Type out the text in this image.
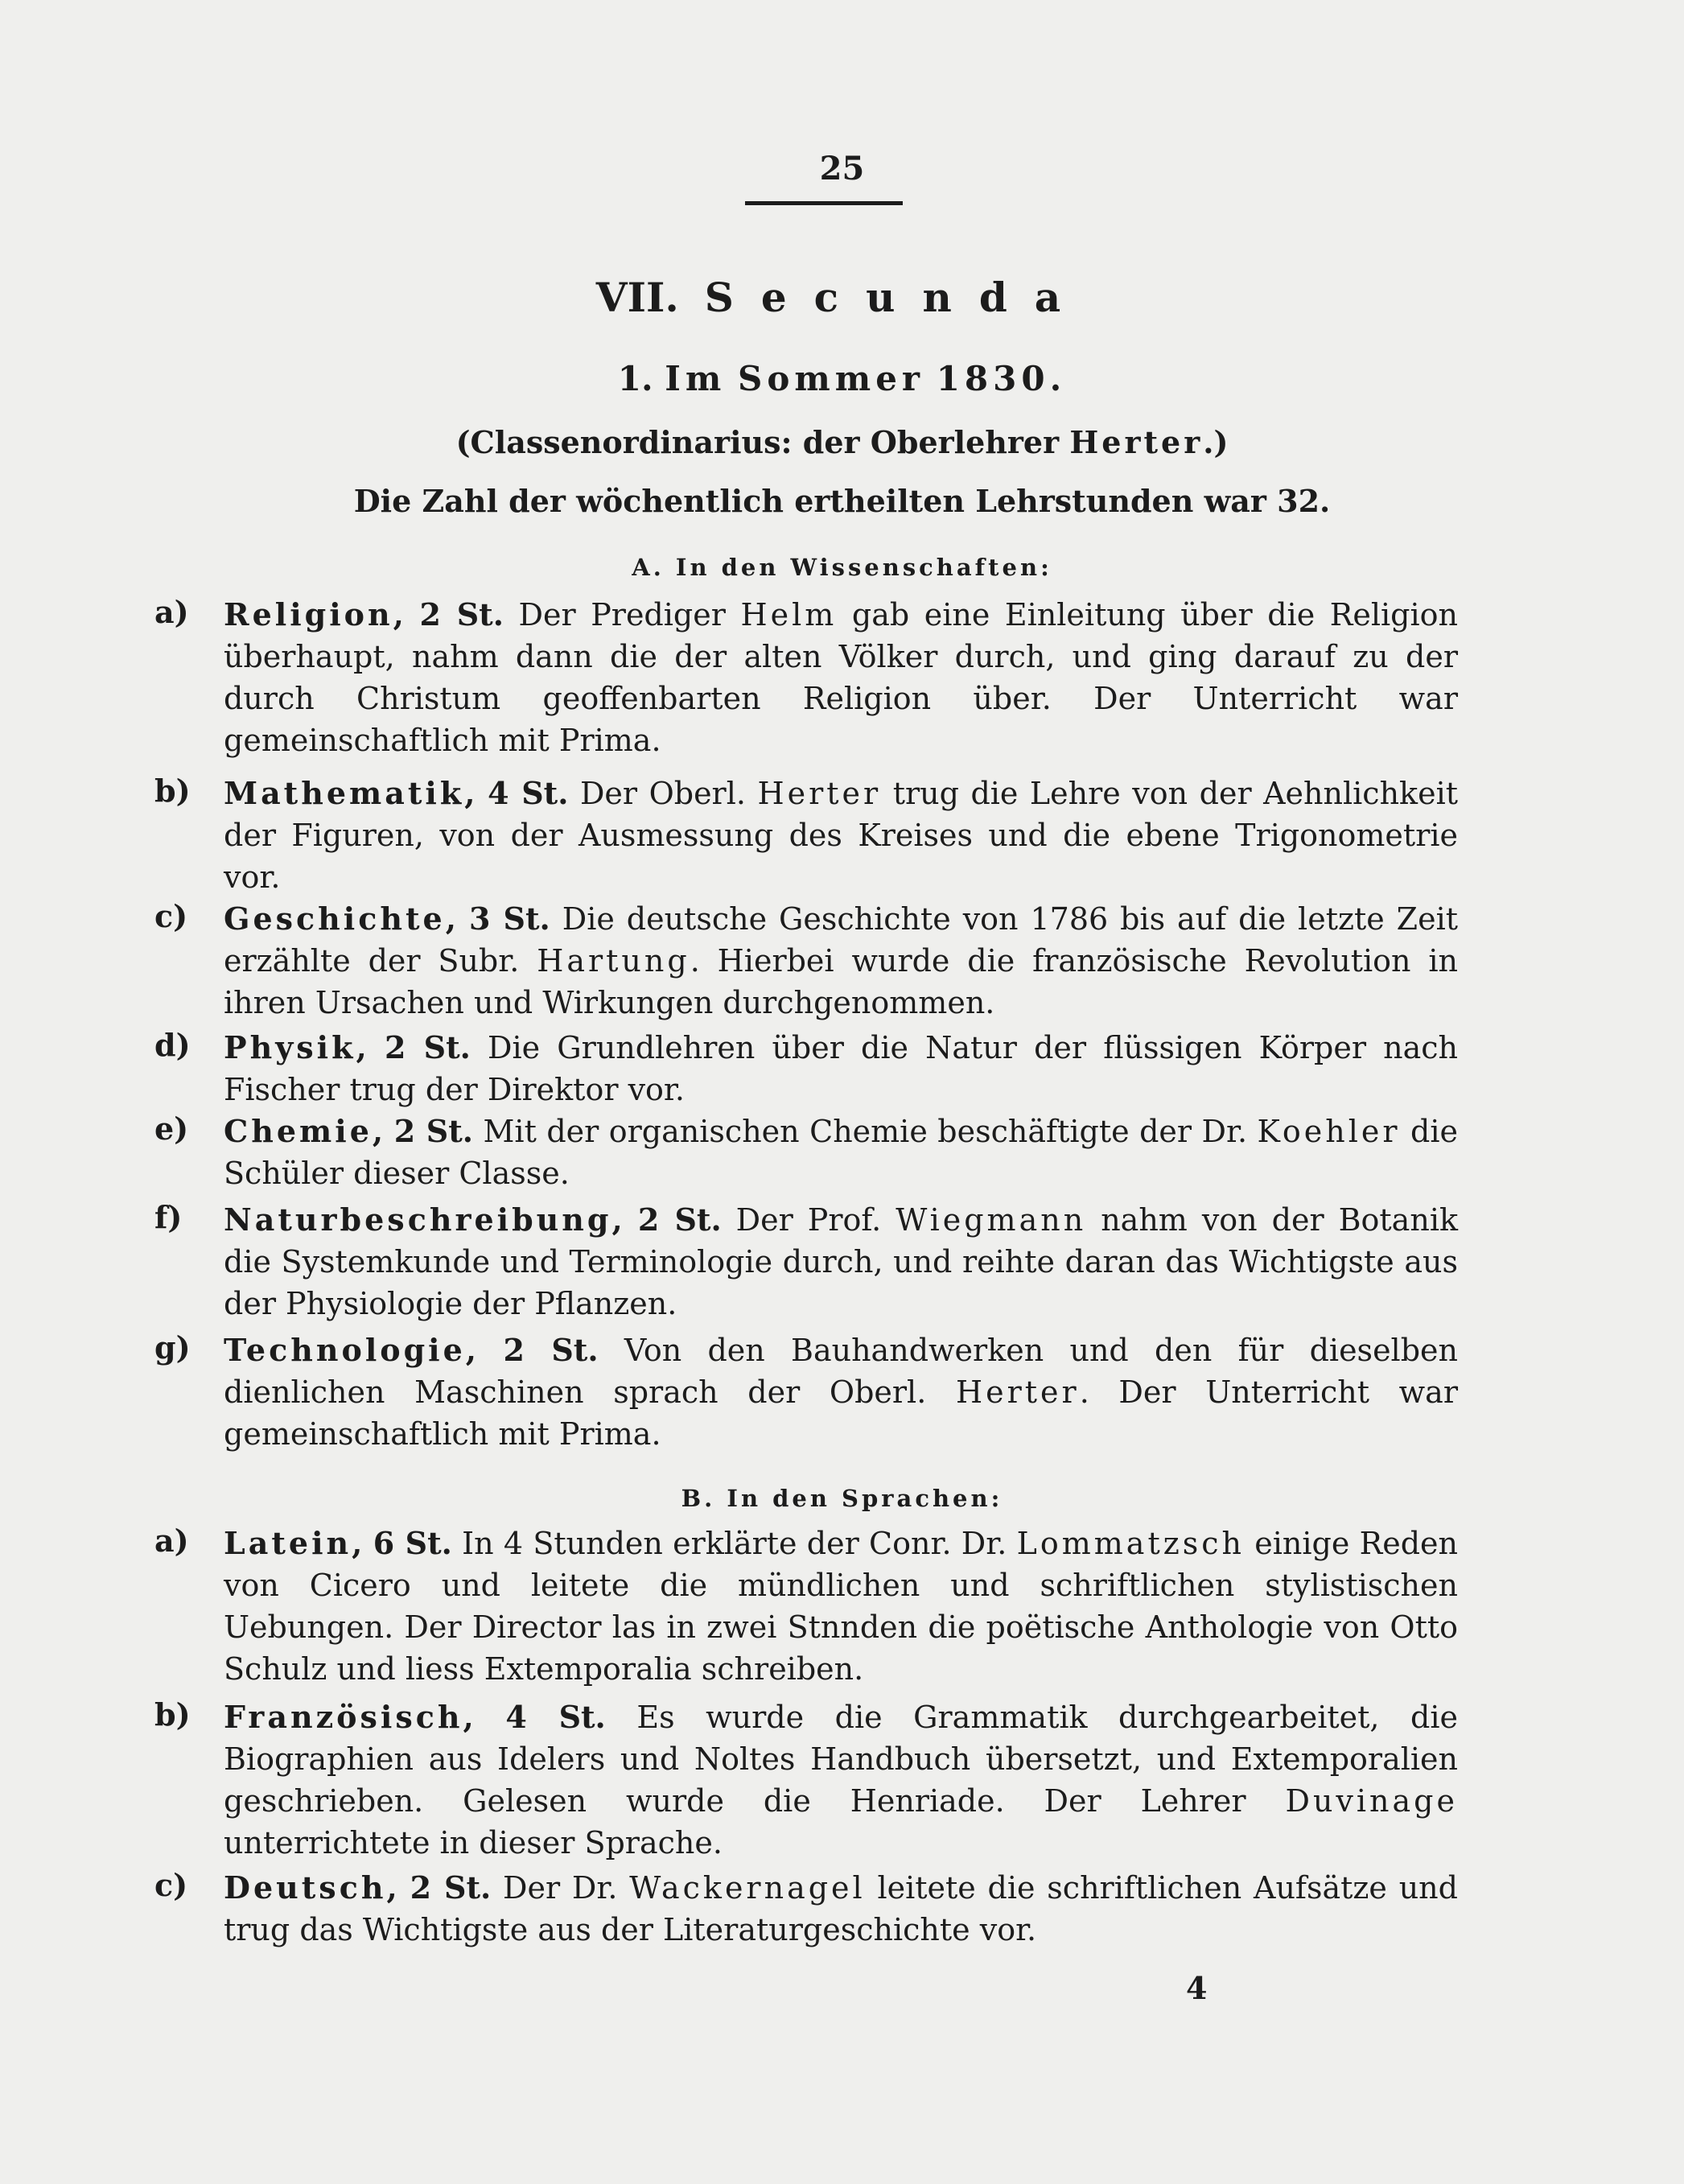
25
VII. Secunda
1. Im Sommer 1830.
(Classenordinarius: der Oberlehrer Herter.)
Die Zahl der wöchentlich ertheilten Lehrstunden war 32.
A. In den Wissenschaften:
a) Religion, 2 St. Der Prediger Helm gab eine Einleitung über die Religion überhaupt, nahm dann die der alten Völker durch, und ging darauf zu der durch Christum geoffenbarten Religion über. Der Unterricht war gemeinschaftlich mit Prima.
b) Mathematik, 4 St. Der Oberl. Herter trug die Lehre von der Aehnlichkeit der Figuren, von der Ausmessung des Kreises und die ebene Trigonometrie vor.
c) Geschichte, 3 St. Die deutsche Geschichte von 1786 bis auf die letzte Zeit erzählte der Subr. Hartung. Hierbei wurde die französische Revolution in ihren Ursachen und Wirkungen durchgenommen.
d) Physik, 2 St. Die Grundlehren über die Natur der flüssigen Körper nach Fischer trug der Direktor vor.
e) Chemie, 2 St. Mit der organischen Chemie beschäftigte der Dr. Koehler die Schüler dieser Classe.
f) Naturbeschreibung, 2 St. Der Prof. Wiegmann nahm von der Botanik die Systemkunde und Terminologie durch, und reihte daran das Wichtigste aus der Physiologie der Pflanzen.
g) Technologie, 2 St. Von den Bauhandwerken und den für dieselben dienlichen Maschinen sprach der Oberl. Herter. Der Unterricht war gemeinschaftlich mit Prima.
B. In den Sprachen:
a) Latein, 6 St. In 4 Stunden erklärte der Conr. Dr. Lommatzsch einige Reden von Cicero und leitete die mündlichen und schriftlichen stylistischen Uebungen. Der Director las in zwei Stnnden die poëtische Anthologie von Otto Schulz und liess Extemporalia schreiben.
b) Französisch, 4 St. Es wurde die Grammatik durchgearbeitet, die Biographien aus Idelers und Noltes Handbuch übersetzt, und Extemporalien geschrieben. Gelesen wurde die Henriade. Der Lehrer Duvinage unterrichtete in dieser Sprache.
c) Deutsch, 2 St. Der Dr. Wackernagel leitete die schriftlichen Aufsätze und trug das Wichtigste aus der Literaturgeschichte vor.
4
